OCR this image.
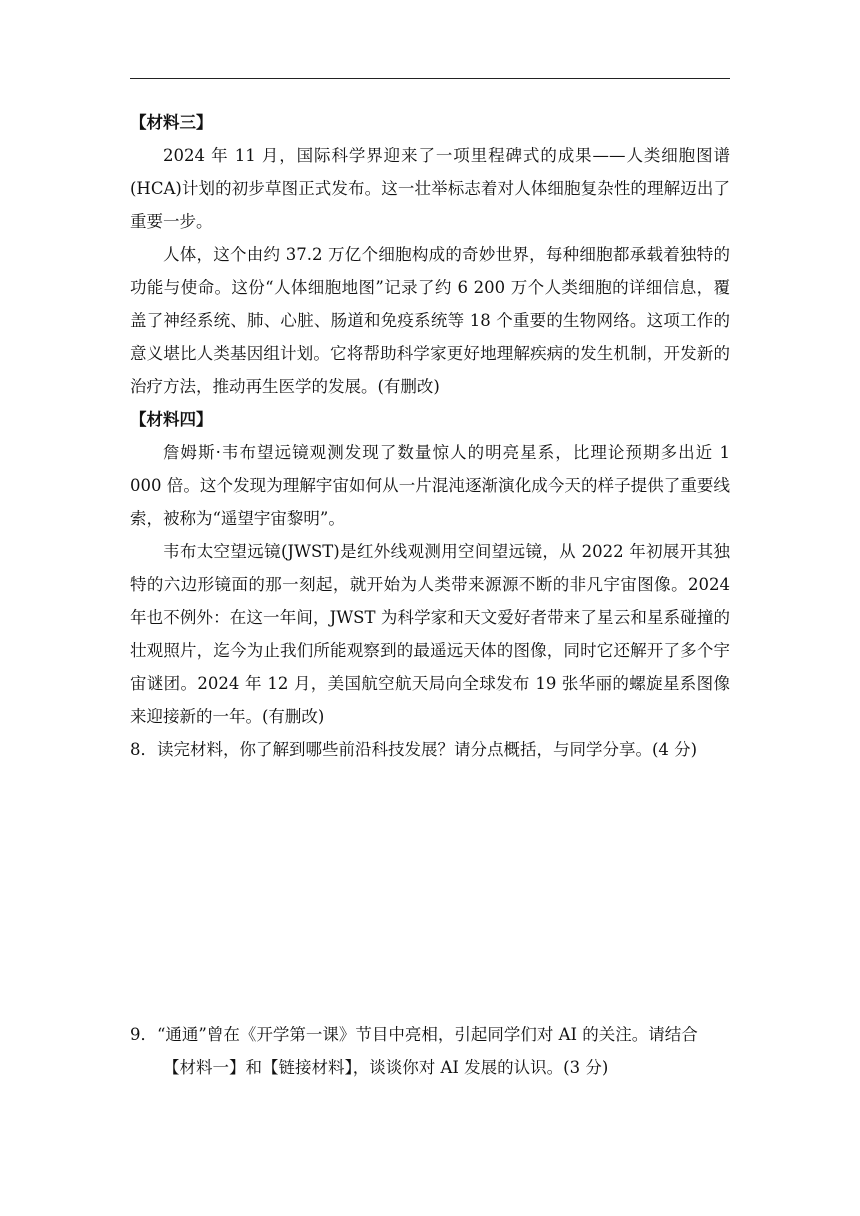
【材料三】

2024 年 11 月，国际科学界迎来了一项里程碑式的成果——人类细胞图谱(HCA)计划的初步草图正式发布。这一壮举标志着对人体细胞复杂性的理解迈出了重要一步。

人体，这个由约 37.2 万亿个细胞构成的奇妙世界，每种细胞都承载着独特的功能与使命。这份“人体细胞地图”记录了约 6 200 万个人类细胞的详细信息，覆盖了神经系统、肺、心脏、肠道和免疫系统等 18 个重要的生物网络。这项工作的意义堪比人类基因组计划。它将帮助科学家更好地理解疾病的发生机制，开发新的治疗方法，推动再生医学的发展。(有删改)

【材料四】

詹姆斯·韦布望远镜观测发现了数量惊人的明亮星系，比理论预期多出近 1 000 倍。这个发现为理解宇宙如何从一片混沌逐渐演化成今天的样子提供了重要线索，被称为“遥望宇宙黎明”。

韦布太空望远镜(JWST)是红外线观测用空间望远镜，从 2022 年初展开其独特的六边形镜面的那一刻起，就开始为人类带来源源不断的非凡宇宙图像。2024 年也不例外：在这一年间，JWST 为科学家和天文爱好者带来了星云和星系碰撞的壮观照片，迄今为止我们所能观察到的最遥远天体的图像，同时它还解开了多个宇宙谜团。2024 年 12 月，美国航空航天局向全球发布 19 张华丽的螺旋星系图像来迎接新的一年。(有删改)

8．读完材料，你了解到哪些前沿科技发展？请分点概括，与同学分享。(4 分)

9．“通通”曾在《开学第一课》节目中亮相，引起同学们对 AI 的关注。请结合
【材料一】和【链接材料】，谈谈你对 AI 发展的认识。(3 分)
